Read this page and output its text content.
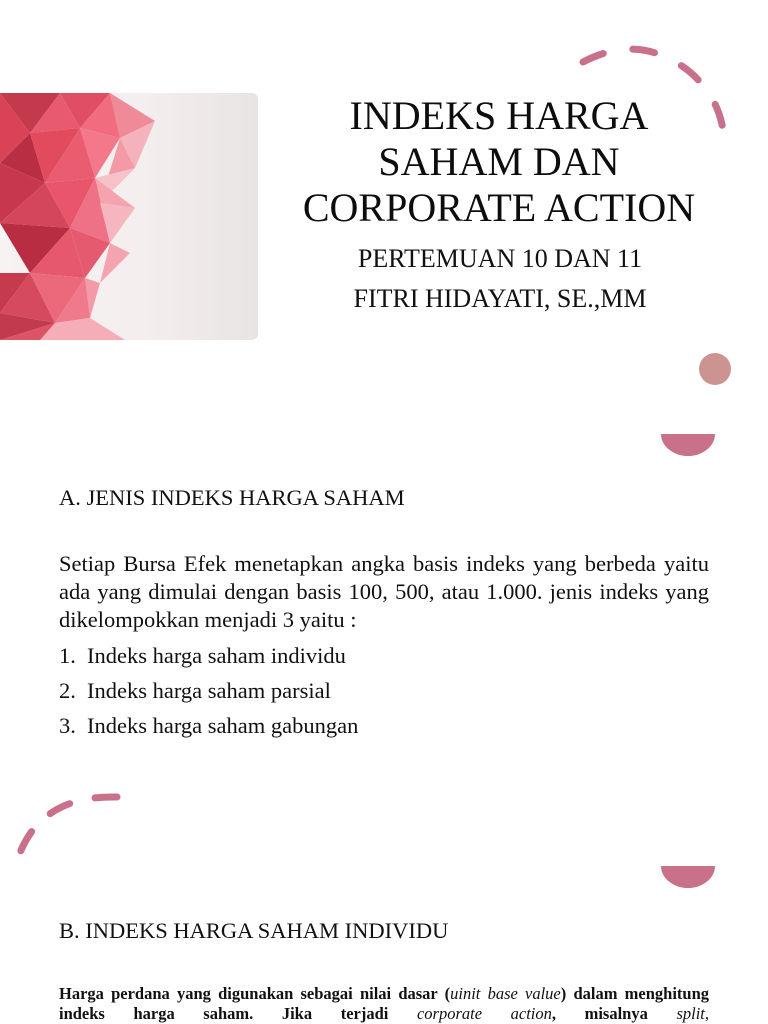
INDEKS HARGA
SAHAM DAN
CORPORATE ACTION
PERTEMUAN 10 DAN 11
FITRI HIDAYATI, SE.,MM
A. JENIS INDEKS HARGA SAHAM

Setiap Bursa Efek menetapkan angka basis indeks yang berbeda yaitu ada yang dimulai dengan basis 100, 500, atau 1.000. jenis indeks yang dikelompokkan menjadi 3 yaitu :

1. Indeks harga saham individu
2. Indeks harga saham parsial
3. Indeks harga saham gabungan
B. INDEKS HARGA SAHAM INDIVIDU

Harga perdana yang digunakan sebagai nilai dasar (uinit base value) dalam menghitung indeks harga saham. Jika terjadi corporate action, misalnya split,
